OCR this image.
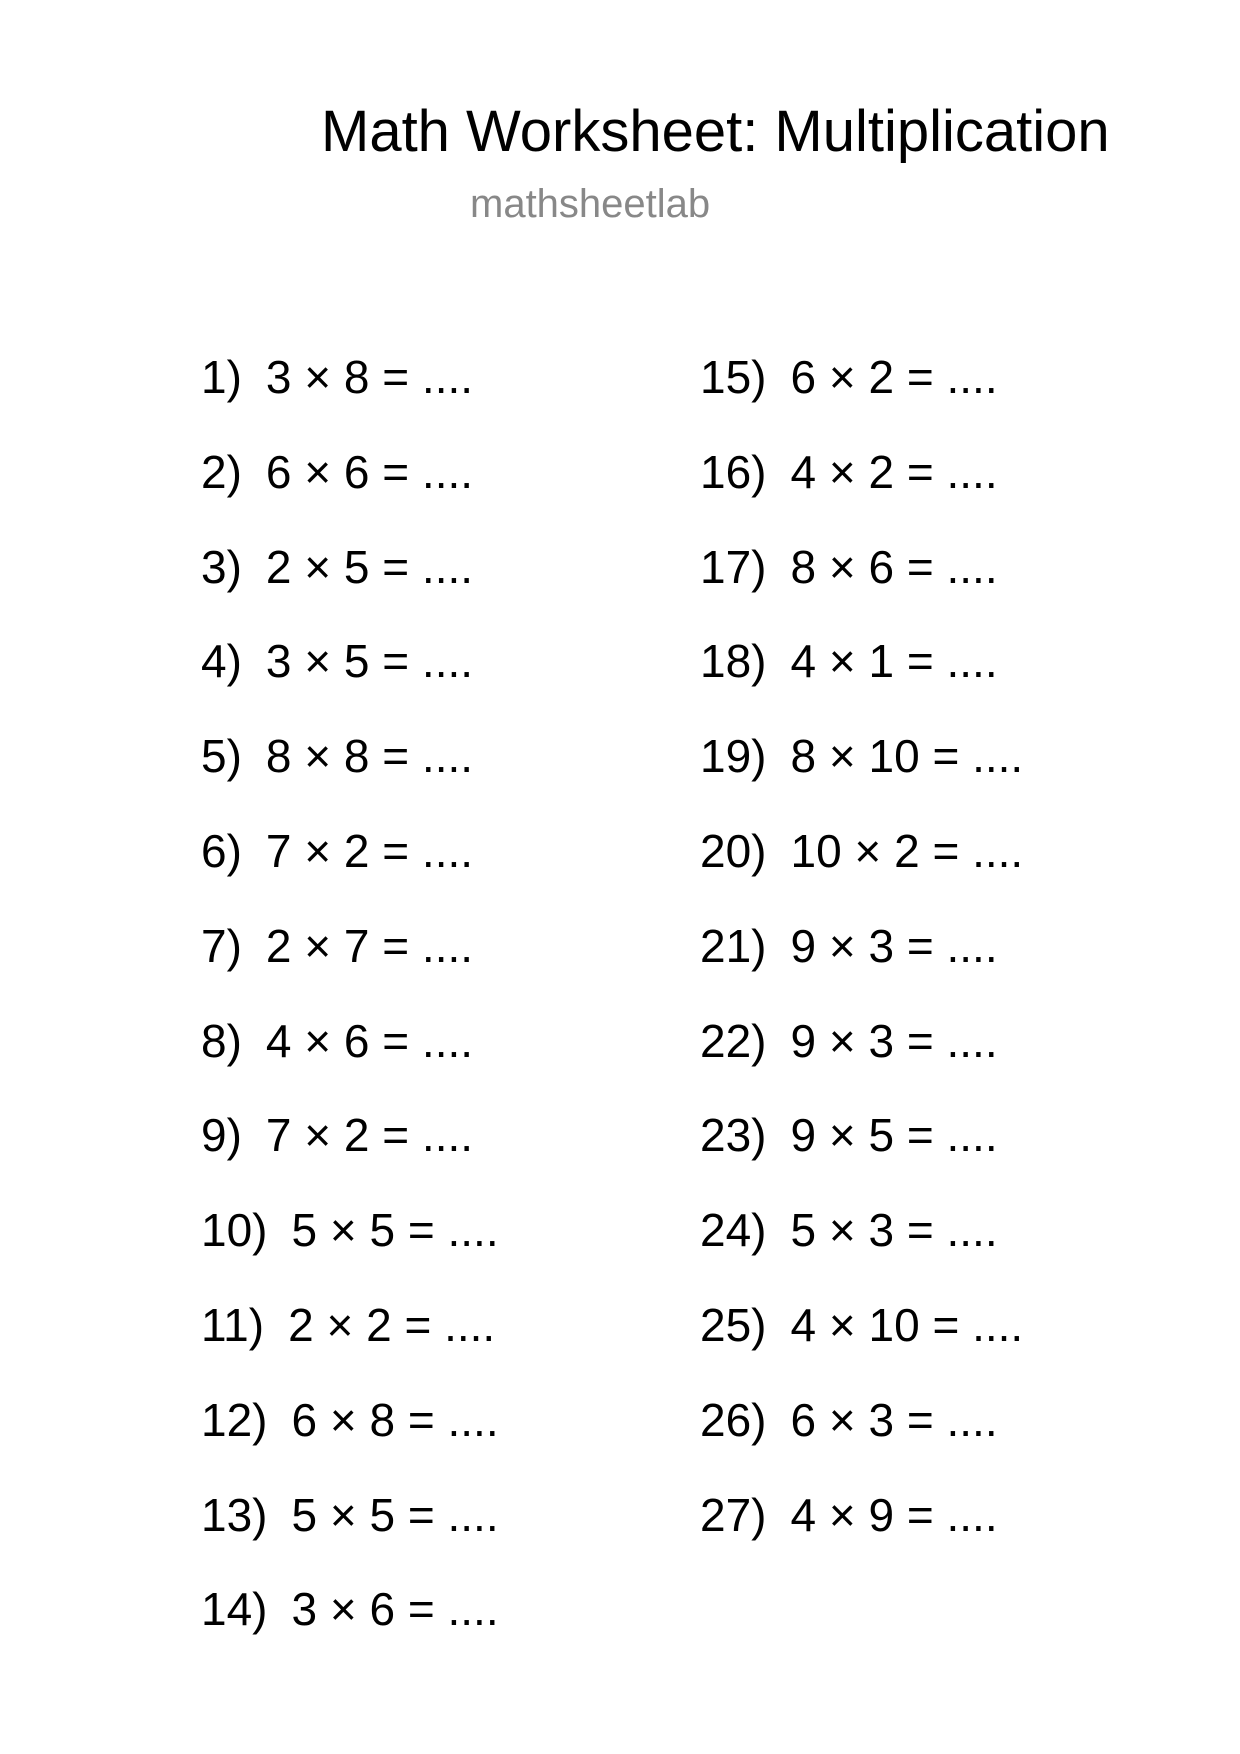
Math Worksheet: Multiplication
mathsheetlab
1) 3 × 8 = ....
2) 6 × 6 = ....
3) 2 × 5 = ....
4) 3 × 5 = ....
5) 8 × 8 = ....
6) 7 × 2 = ....
7) 2 × 7 = ....
8) 4 × 6 = ....
9) 7 × 2 = ....
10) 5 × 5 = ....
11) 2 × 2 = ....
12) 6 × 8 = ....
13) 5 × 5 = ....
14) 3 × 6 = ....
15) 6 × 2 = ....
16) 4 × 2 = ....
17) 8 × 6 = ....
18) 4 × 1 = ....
19) 8 × 10 = ....
20) 10 × 2 = ....
21) 9 × 3 = ....
22) 9 × 3 = ....
23) 9 × 5 = ....
24) 5 × 3 = ....
25) 4 × 10 = ....
26) 6 × 3 = ....
27) 4 × 9 = ....
